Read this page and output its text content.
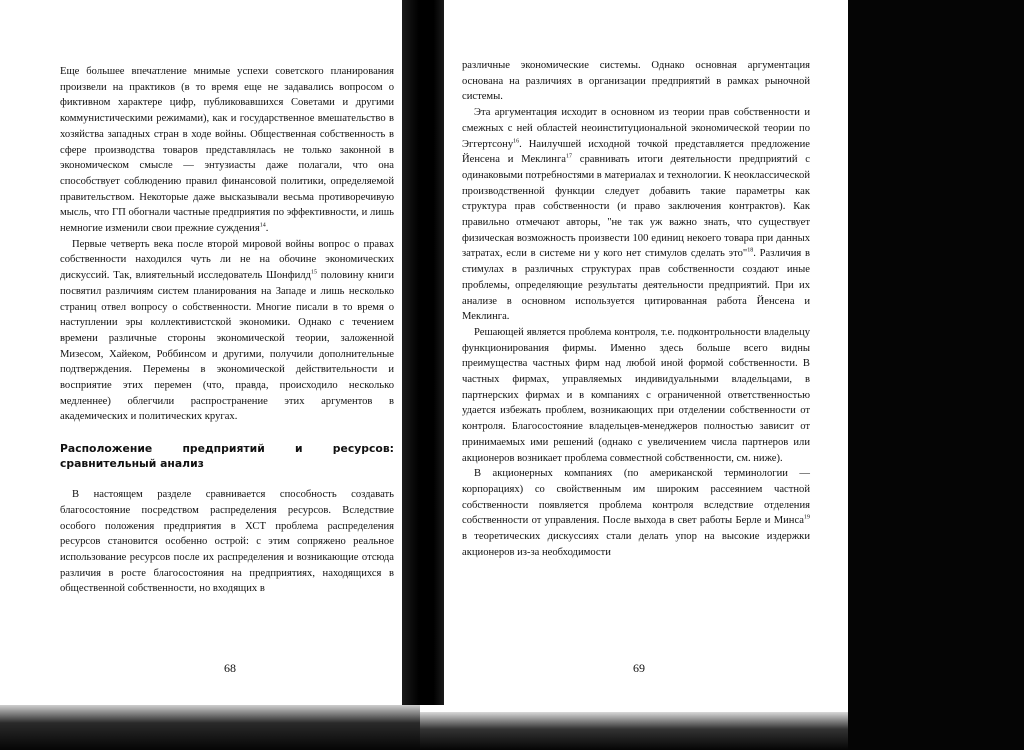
Еще большее впечатление мнимые успехи советского планирования произвели на практиков (в то время еще не задавались вопросом о фиктивном характере цифр, публиковавшихся Советами и другими коммунистическими режимами), как и государственное вмешательство в хозяйства западных стран в ходе войны. Общественная собственность в сфере производства товаров представлялась не только законной в экономическом смысле — энтузиасты даже полагали, что она способствует соблюдению правил финансовой политики, определяемой правительством. Некоторые даже высказывали весьма противоречивую мысль, что ГП обогнали частные предприятия по эффективности, и лишь немногие изменили свои прежние суждения$^{14}$.

Первые четверть века после второй мировой войны вопрос о правах собственности находился чуть ли не на обочине экономических дискуссий. Так, влиятельный исследователь Шонфилд$^{15}$ половину книги посвятил различиям систем планирования на Западе и лишь несколько страниц отвел вопросу о собственности. Многие писали в то время о наступлении эры коллективистской экономики. Однако с течением времени различные стороны экономической теории, заложенной Мизесом, Хайеком, Роббинсом и другими, получили дополнительные подтверждения. Перемены в экономической действительности и восприятие этих перемен (что, правда, происходило несколько медленнее) облегчили распространение этих аргументов в академических и политических кругах.

Расположение предприятий и ресурсов: сравнительный анализ

В настоящем разделе сравнивается способность создавать благосостояние посредством распределения ресурсов. Вследствие особого положения предприятия в ХСТ проблема распределения ресурсов становится особенно острой: с этим сопряжено реальное использование ресурсов после их распределения и возникающие отсюда различия в росте благосостояния на предприятиях, находящихся в общественной собственности, но входящих в

различные экономические системы. Однако основная аргументация основана на различиях в организации предприятий в рамках рыночной системы.

Эта аргументация исходит в основном из теории прав собственности и смежных с ней областей неоинституциональной экономической теории по Эггертсону$^{16}$. Наилучшей исходной точкой представляется предложение Йенсена и Меклинга$^{17}$ сравнивать итоги деятельности предприятий с одинаковыми потребностями в материалах и технологии. К неоклассической производственной функции следует добавить такие параметры как структура прав собственности (и право заключения контрактов). Как правильно отмечают авторы, "не так уж важно знать, что существует физическая возможность произвести 100 единиц некоего товара при данных затратах, если в системе ни у кого нет стимулов сделать это"$^{18}$. Различия в стимулах в различных структурах прав собственности создают иные проблемы, определяющие результаты деятельности предприятий. При их анализе в основном используется цитированная работа Йенсена и Меклинга.

Решающей является проблема контроля, т.е. подконтрольности владельцу функционирования фирмы. Именно здесь больше всего видны преимущества частных фирм над любой иной формой собственности. В частных фирмах, управляемых индивидуальными владельцами, в партнерских фирмах и в компаниях с ограниченной ответственностью удается избежать проблем, возникающих при отделении собственности от контроля. Благосостояние владельцев-менеджеров полностью зависит от принимаемых ими решений (однако с увеличением числа партнеров или акционеров возникает проблема совместной собственности, см. ниже).

В акционерных компаниях (по американской терминологии — корпорациях) со свойственным им широким рассеянием частной собственности появляется проблема контроля вследствие отделения собственности от управления. После выхода в свет работы Берле и Минса$^{19}$ в теоретических дискуссиях стали делать упор на высокие издержки акционеров из-за необходимости

68	69
